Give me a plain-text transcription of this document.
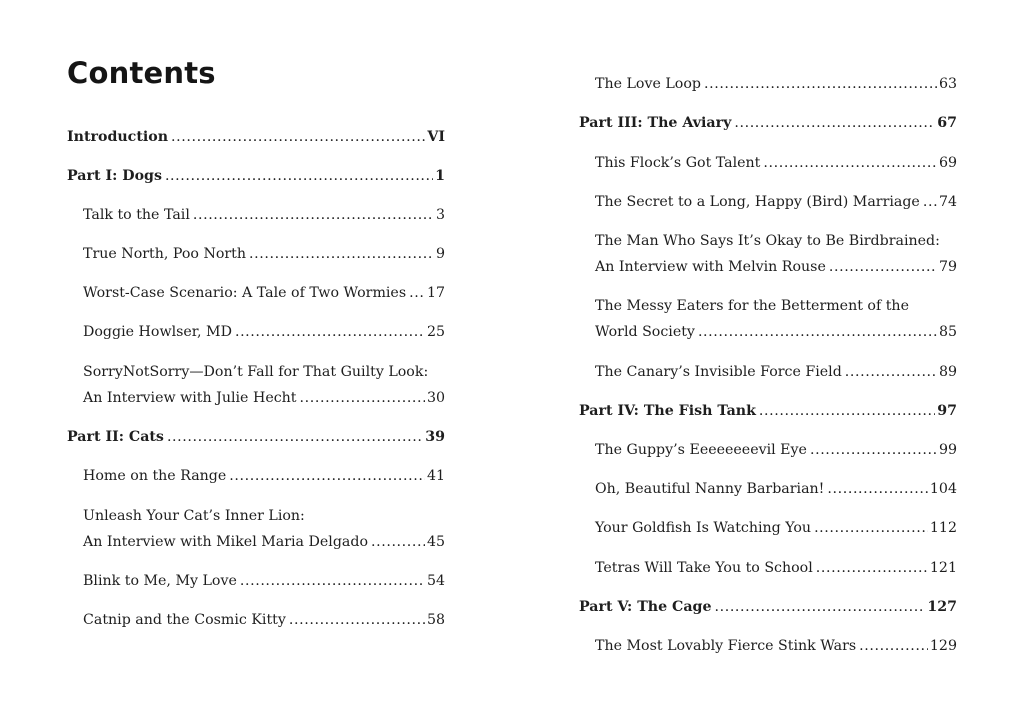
Contents
Introduction .....	VI
Part I: Dogs .....	1
Talk to the Tail .....	3
True North, Poo North .....	9
Worst-Case Scenario: A Tale of Two Wormies ..... 17
Doggie Howlser, MD .....	25
SorryNotSorry—Don’t Fall for That Guilty Look:
An Interview with Julie Hecht .....	30
Part II: Cats .....	39
Home on the Range .....	41
Unleash Your Cat’s Inner Lion:
An Interview with Mikel Maria Delgado .....	45
Blink to Me, My Love .....	54
Catnip and the Cosmic Kitty .....	58
The Love Loop .....	63
Part III: The Aviary .....	67
This Flock’s Got Talent .....	69
The Secret to a Long, Happy (Bird) Marriage ..... 74
The Man Who Says It’s Okay to Be Birdbrained:
An Interview with Melvin Rouse .....	79
The Messy Eaters for the Betterment of the
World Society .....	85
The Canary’s Invisible Force Field .....	89
Part IV: The Fish Tank .....	97
The Guppy’s Eeeeeeeevil Eye .....	99
Oh, Beautiful Nanny Barbarian! .....	104
Your Goldfish Is Watching You .....	112
Tetras Will Take You to School .....	121
Part V: The Cage .....	127
The Most Lovably Fierce Stink Wars .....	129
